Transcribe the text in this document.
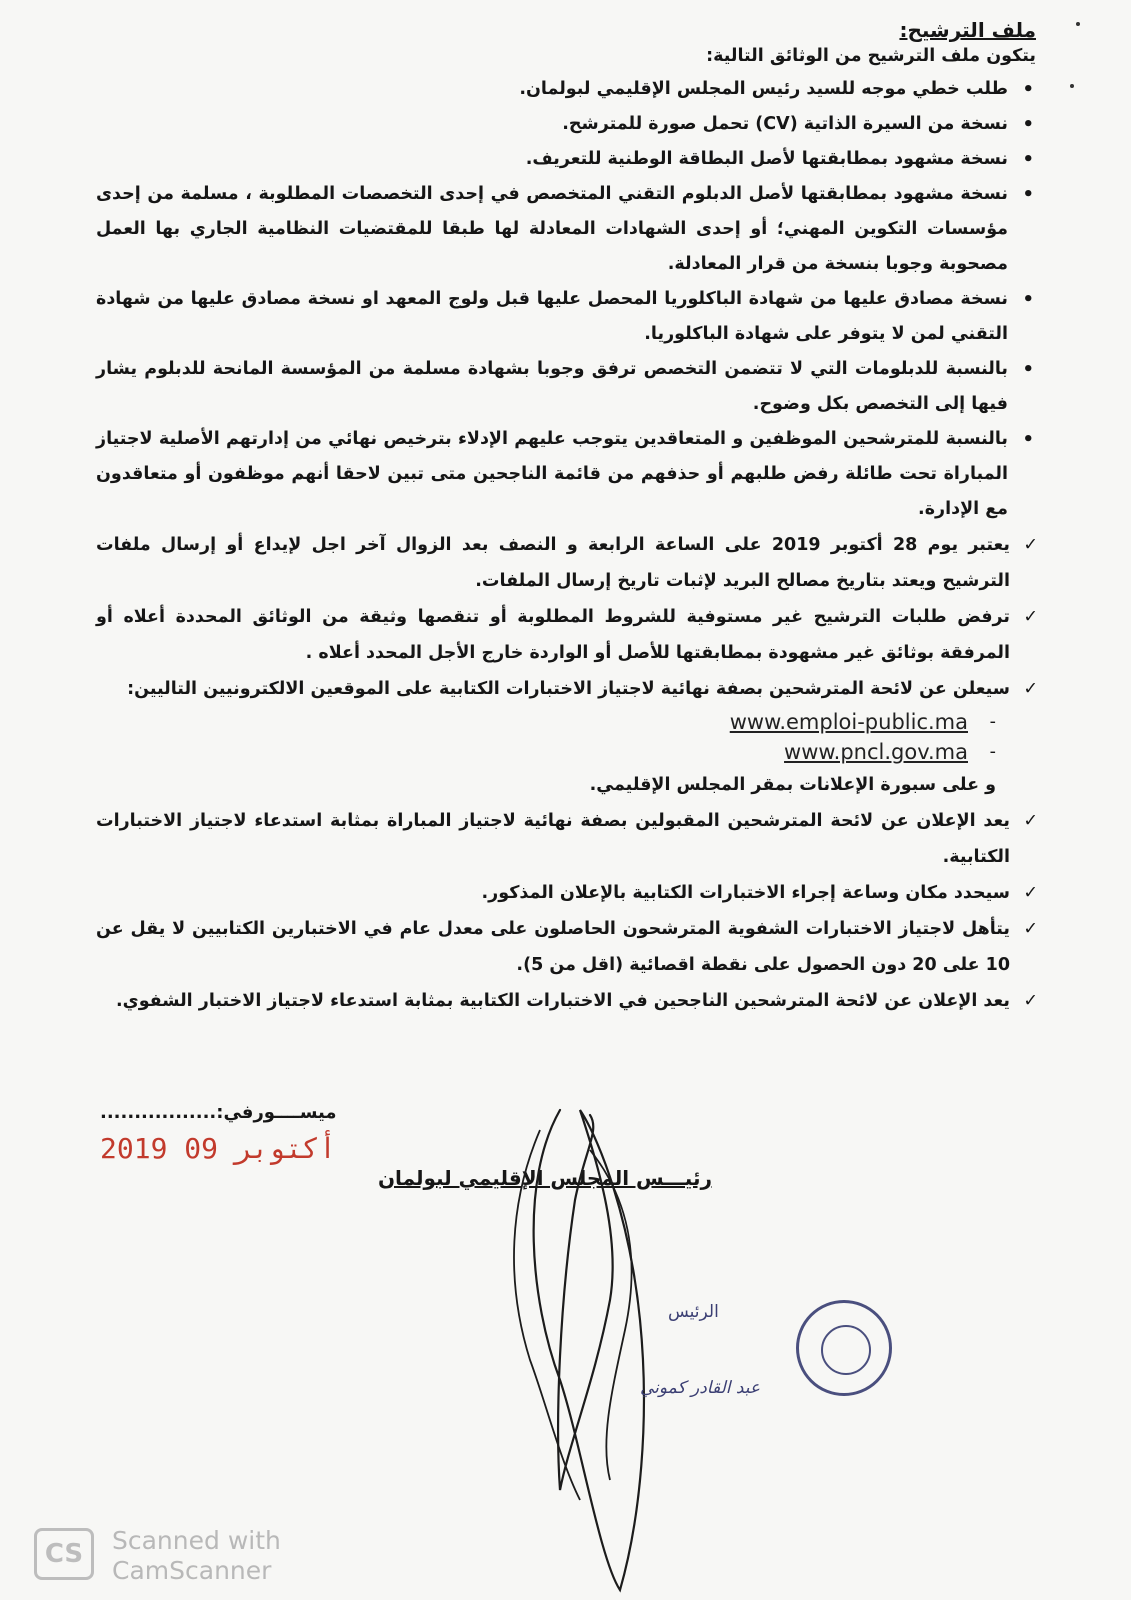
ملف الترشيح:
يتكون ملف الترشيح من الوثائق التالية:
• طلب خطي موجه للسيد رئيس المجلس الإقليمي لبولمان.
• نسخة من السيرة الذاتية (CV) تحمل صورة للمترشح.
• نسخة مشهود بمطابقتها لأصل البطاقة الوطنية للتعريف.
• نسخة مشهود بمطابقتها لأصل الدبلوم التقني المتخصص في إحدى التخصصات المطلوبة ، مسلمة من إحدى مؤسسات التكوين المهني؛ أو إحدى الشهادات المعادلة لها طبقا للمقتضيات النظامية الجاري بها العمل مصحوبة وجوبا بنسخة من قرار المعادلة.
• نسخة مصادق عليها من شهادة الباكلوريا المحصل عليها قبل ولوج المعهد او نسخة مصادق عليها من شهادة التقني لمن لا يتوفر على شهادة الباكلوريا.
• بالنسبة للدبلومات التي لا تتضمن التخصص ترفق وجوبا بشهادة مسلمة من المؤسسة المانحة للدبلوم يشار فيها إلى التخصص بكل وضوح.
• بالنسبة للمترشحين الموظفين و المتعاقدين يتوجب عليهم الإدلاء بترخيص نهائي من إدارتهم الأصلية لاجتياز المباراة تحت طائلة رفض طلبهم أو حذفهم من قائمة الناجحين متى تبين لاحقا أنهم موظفون أو متعاقدون مع الإدارة.
✓
يعتبر يوم 28 أكتوبر 2019 على الساعة الرابعة و النصف بعد الزوال آخر اجل لإيداع أو إرسال ملفات الترشيح ويعتد بتاريخ مصالح البريد لإثبات تاريخ إرسال الملفات.
✓
ترفض طلبات الترشيح غير مستوفية للشروط المطلوبة أو تنقصها وثيقة من الوثائق المحددة أعلاه أو المرفقة بوثائق غير مشهودة بمطابقتها للأصل أو الواردة خارج الأجل المحدد أعلاه .
✓
سيعلن عن لائحة المترشحين بصفة نهائية لاجتياز الاختبارات الكتابية على الموقعين الالكترونيين التاليين:
-
www.emploi-public.ma
-
www.pncl.gov.ma
و على سبورة الإعلانات بمقر المجلس الإقليمي.
✓
يعد الإعلان عن لائحة المترشحين المقبولين بصفة نهائية لاجتياز المباراة بمثابة استدعاء لاجتياز الاختبارات الكتابية.
✓
سيحدد مكان وساعة إجراء الاختبارات الكتابية بالإعلان المذكور.
✓
يتأهل لاجتياز الاختبارات الشفوية المترشحون الحاصلون على معدل عام في الاختبارين الكتابيين لا يقل عن 10 على 20 دون الحصول على نقطة اقصائية (اقل من 5).
✓
يعد الإعلان عن لائحة المترشحين الناجحين في الاختبارات الكتابية بمثابة استدعاء لاجتياز الاختبار الشفوي.
ميســــورفي:.................
2019 أكتوبر 09
رئيـــس المجلس الإقليمي لبولمان
الرئيس
عبد القادر كموني
CS	Scanned with
CamScanner
